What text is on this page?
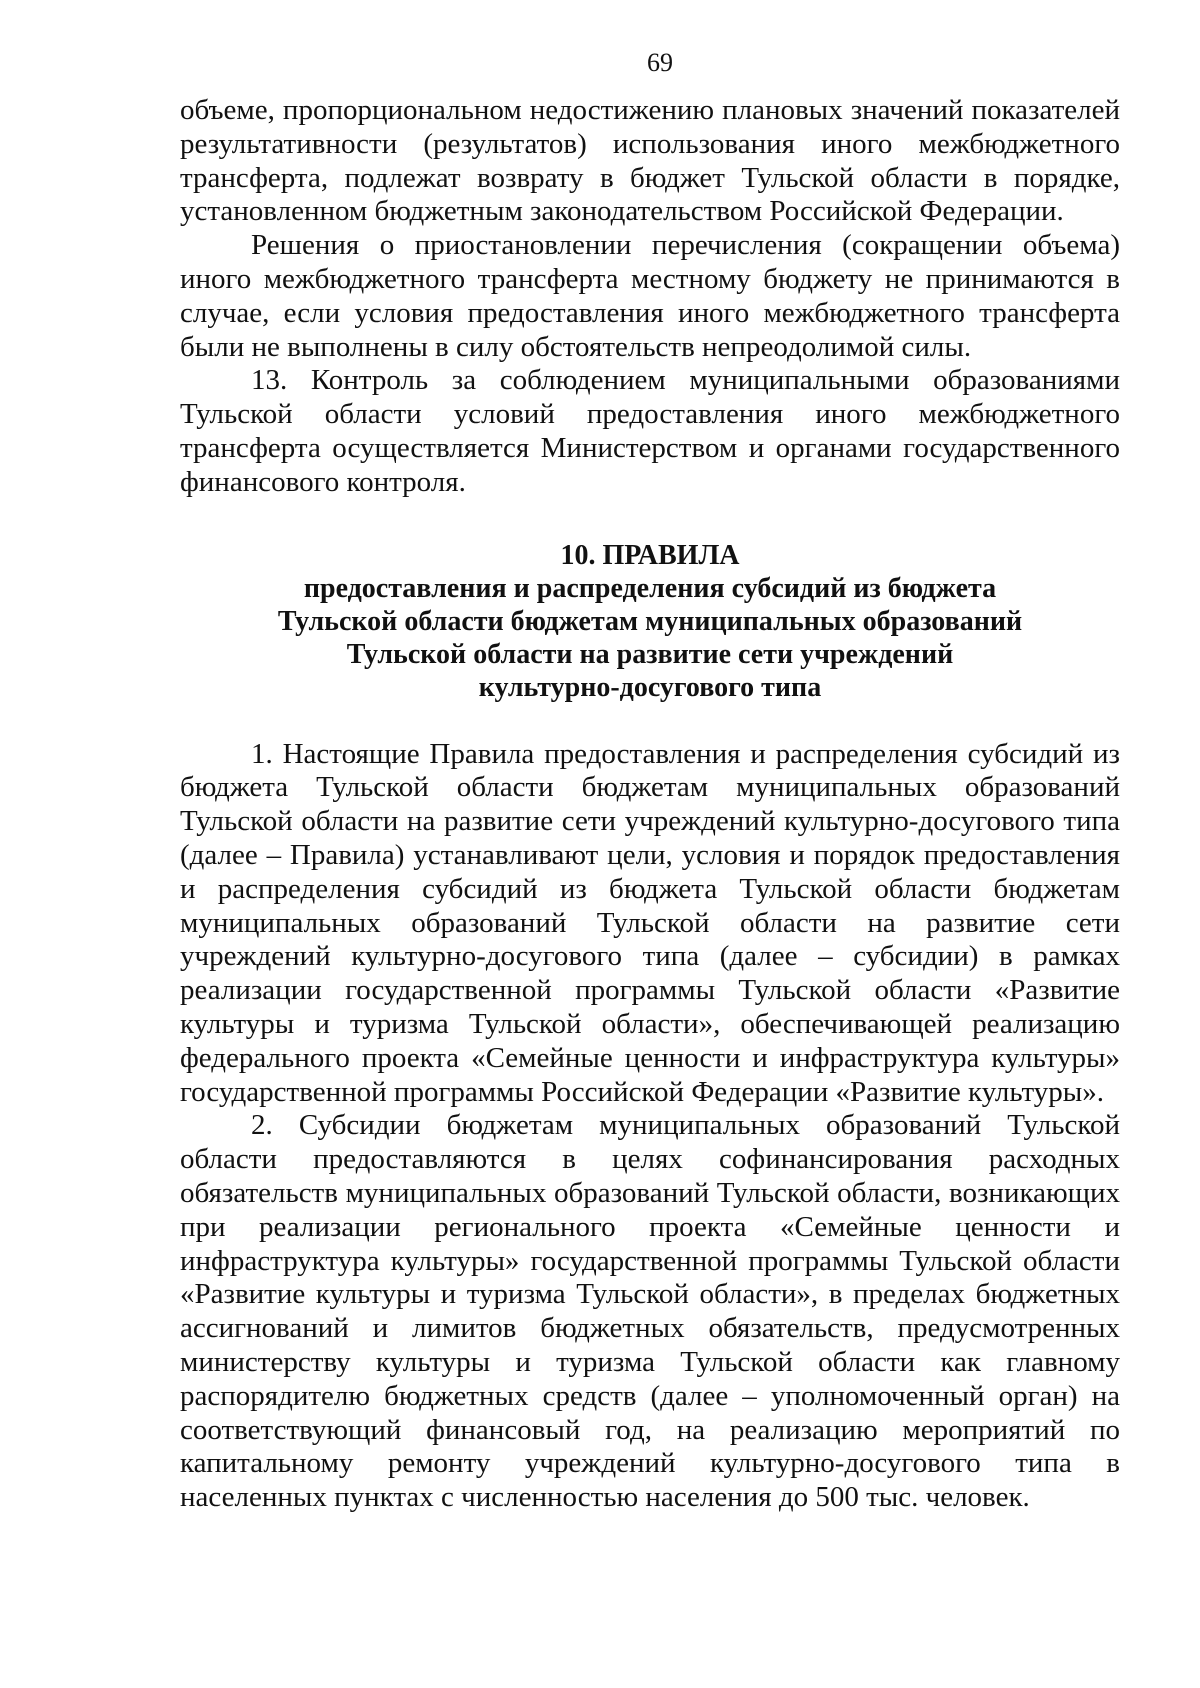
69

объеме, пропорциональном недостижению плановых значений показателей результативности (результатов) использования иного межбюджетного трансферта, подлежат возврату в бюджет Тульской области в порядке, установленном бюджетным законодательством Российской Федерации.

Решения о приостановлении перечисления (сокращении объема) иного межбюджетного трансферта местному бюджету не принимаются в случае, если условия предоставления иного межбюджетного трансферта были не выполнены в силу обстоятельств непреодолимой силы.

13. Контроль за соблюдением муниципальными образованиями Тульской области условий предоставления иного межбюджетного трансферта осуществляется Министерством и органами государственного финансового контроля.

10. ПРАВИЛА
предоставления и распределения субсидий из бюджета
Тульской области бюджетам муниципальных образований
Тульской области на развитие сети учреждений
культурно-досугового типа

1. Настоящие Правила предоставления и распределения субсидий из бюджета Тульской области бюджетам муниципальных образований Тульской области на развитие сети учреждений культурно-досугового типа (далее – Правила) устанавливают цели, условия и порядок предоставления и распределения субсидий из бюджета Тульской области бюджетам муниципальных образований Тульской области на развитие сети учреждений культурно-досугового типа (далее – субсидии) в рамках реализации государственной программы Тульской области «Развитие культуры и туризма Тульской области», обеспечивающей реализацию федерального проекта «Семейные ценности и инфраструктура культуры» государственной программы Российской Федерации «Развитие культуры».

2. Субсидии бюджетам муниципальных образований Тульской области предоставляются в целях софинансирования расходных обязательств муниципальных образований Тульской области, возникающих при реализации регионального проекта «Семейные ценности и инфраструктура культуры» государственной программы Тульской области «Развитие культуры и туризма Тульской области», в пределах бюджетных ассигнований и лимитов бюджетных обязательств, предусмотренных министерству культуры и туризма Тульской области как главному распорядителю бюджетных средств (далее – уполномоченный орган) на соответствующий финансовый год, на реализацию мероприятий по капитальному ремонту учреждений культурно-досугового типа в населенных пунктах с численностью населения до 500 тыс. человек.
